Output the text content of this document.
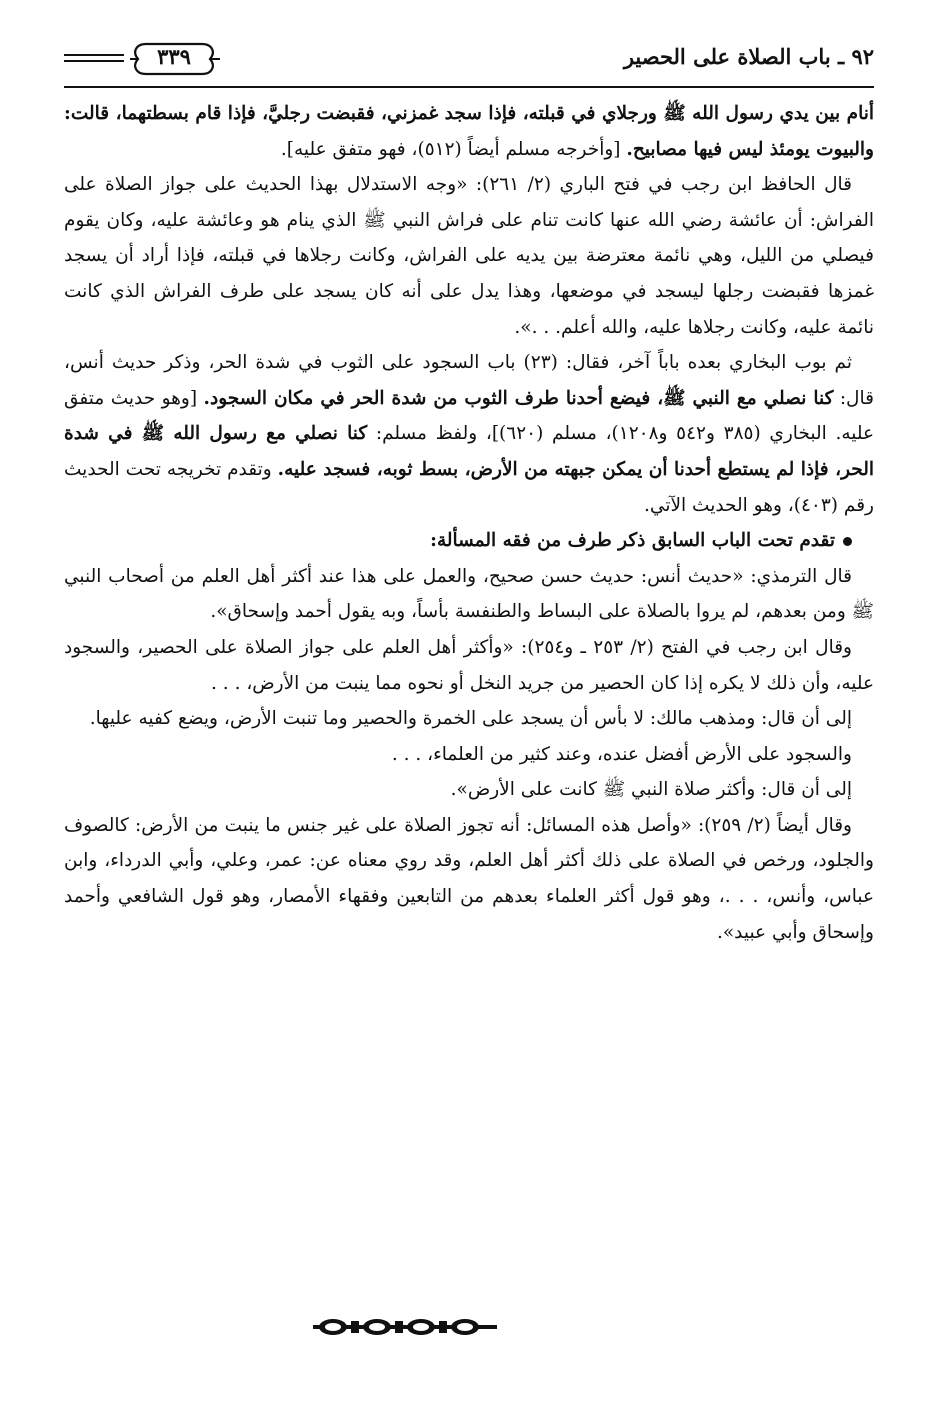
٩٢ ـ باب الصلاة على الحصير
٣٣٩

أنام بين يدي رسول الله ﷺ ورجلاي في قبلته، فإذا سجد غمزني، فقبضت رجليَّ، فإذا قام بسطتهما، قالت: والبيوت يومئذ ليس فيها مصابيح. [وأخرجه مسلم أيضاً (٥١٢)، فهو متفق عليه].

قال الحافظ ابن رجب في فتح الباري (٢/ ٢٦١): «وجه الاستدلال بهذا الحديث على جواز الصلاة على الفراش: أن عائشة رضي الله عنها كانت تنام على فراش النبي ﷺ الذي ينام هو وعائشة عليه، وكان يقوم فيصلي من الليل، وهي نائمة معترضة بين يديه على الفراش، وكانت رجلاها في قبلته، فإذا أراد أن يسجد غمزها فقبضت رجلها ليسجد في موضعها، وهذا يدل على أنه كان يسجد على طرف الفراش الذي كانت نائمة عليه، وكانت رجلاها عليه، والله أعلم. . .».

ثم بوب البخاري بعده باباً آخر، فقال: (٢٣) باب السجود على الثوب في شدة الحر، وذكر حديث أنس، قال: كنا نصلي مع النبي ﷺ، فيضع أحدنا طرف الثوب من شدة الحر في مكان السجود. [وهو حديث متفق عليه. البخاري (٣٨٥ و٥٤٢ و١٢٠٨)، مسلم (٦٢٠)]، ولفظ مسلم: كنا نصلي مع رسول الله ﷺ في شدة الحر، فإذا لم يستطع أحدنا أن يمكن جبهته من الأرض، بسط ثوبه، فسجد عليه. وتقدم تخريجه تحت الحديث رقم (٤٠٣)، وهو الحديث الآتي.

تقدم تحت الباب السابق ذكر طرف من فقه المسألة:

قال الترمذي: «حديث أنس: حديث حسن صحيح، والعمل على هذا عند أكثر أهل العلم من أصحاب النبي ﷺ ومن بعدهم، لم يروا بالصلاة على البساط والطنفسة بأساً، وبه يقول أحمد وإسحاق».

وقال ابن رجب في الفتح (٢/ ٢٥٣ ـ و٢٥٤): «وأكثر أهل العلم على جواز الصلاة على الحصير، والسجود عليه، وأن ذلك لا يكره إذا كان الحصير من جريد النخل أو نحوه مما ينبت من الأرض، . . .

إلى أن قال: ومذهب مالك: لا بأس أن يسجد على الخمرة والحصير وما تنبت الأرض، ويضع كفيه عليها.

والسجود على الأرض أفضل عنده، وعند كثير من العلماء، . . .

إلى أن قال: وأكثر صلاة النبي ﷺ كانت على الأرض».

وقال أيضاً (٢/ ٢٥٩): «وأصل هذه المسائل: أنه تجوز الصلاة على غير جنس ما ينبت من الأرض: كالصوف والجلود، ورخص في الصلاة على ذلك أكثر أهل العلم، وقد روي معناه عن: عمر، وعلي، وأبي الدرداء، وابن عباس، وأنس، . . .، وهو قول أكثر العلماء بعدهم من التابعين وفقهاء الأمصار، وهو قول الشافعي وأحمد وإسحاق وأبي عبيد».
